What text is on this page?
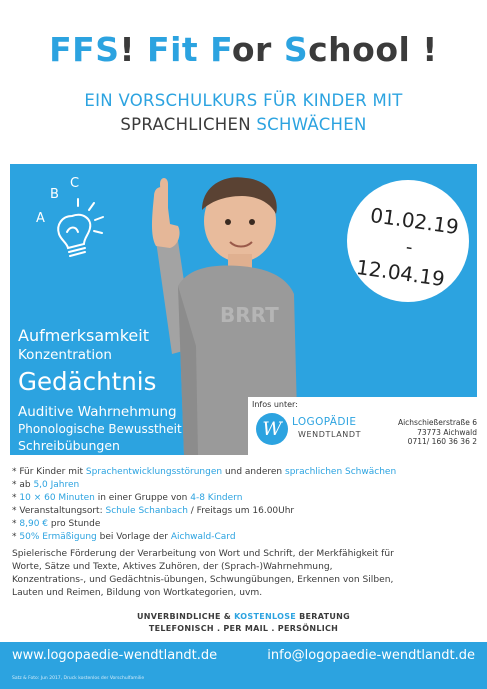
FFS! Fit For School !
EIN VORSCHULKURS FÜR KINDER MIT
SPRACHLICHEN SCHWÄCHEN
A
B
C
BRRT
01.02.19
-
12.04.19
Aufmerksamkeit
Konzentration
Gedächtnis
Auditive Wahrnehmung
Phonologische Bewusstheit
Schreibübungen
Infos unter:
W LOGOPÄDIE
WENDTLANDT
Aichschießerstraße 6
73773 Aichwald
0711/ 160 36 36 2
* Für Kinder mit Sprachentwicklungsstörungen und anderen sprachlichen Schwächen
* ab 5,0 Jahren
* 10 × 60 Minuten in einer Gruppe von 4-8 Kindern
* Veranstaltungsort: Schule Schanbach / Freitags um 16.00Uhr
* 8,90 € pro Stunde
* 50% Ermäßigung bei Vorlage der Aichwald-Card
Spielerische Förderung der Verarbeitung von Wort und Schrift, der Merkfähigkeit für
Worte, Sätze und Texte, Aktives Zuhören, der (Sprach-)Wahrnehmung,
Konzentrations-, und Gedächtnis-übungen, Schwungübungen, Erkennen von Silben,
Lauten und Reimen, Bildung von Wortkategorien, uvm.
UNVERBINDLICHE & KOSTENLOSE BERATUNG
TELEFONISCH . PER MAIL . PERSÖNLICH
www.logopaedie-wendtlandt.de	info@logopaedie-wendtlandt.de
Satz & Foto: Jun 2017, Druck kostenlos der Vorschulfamilie
